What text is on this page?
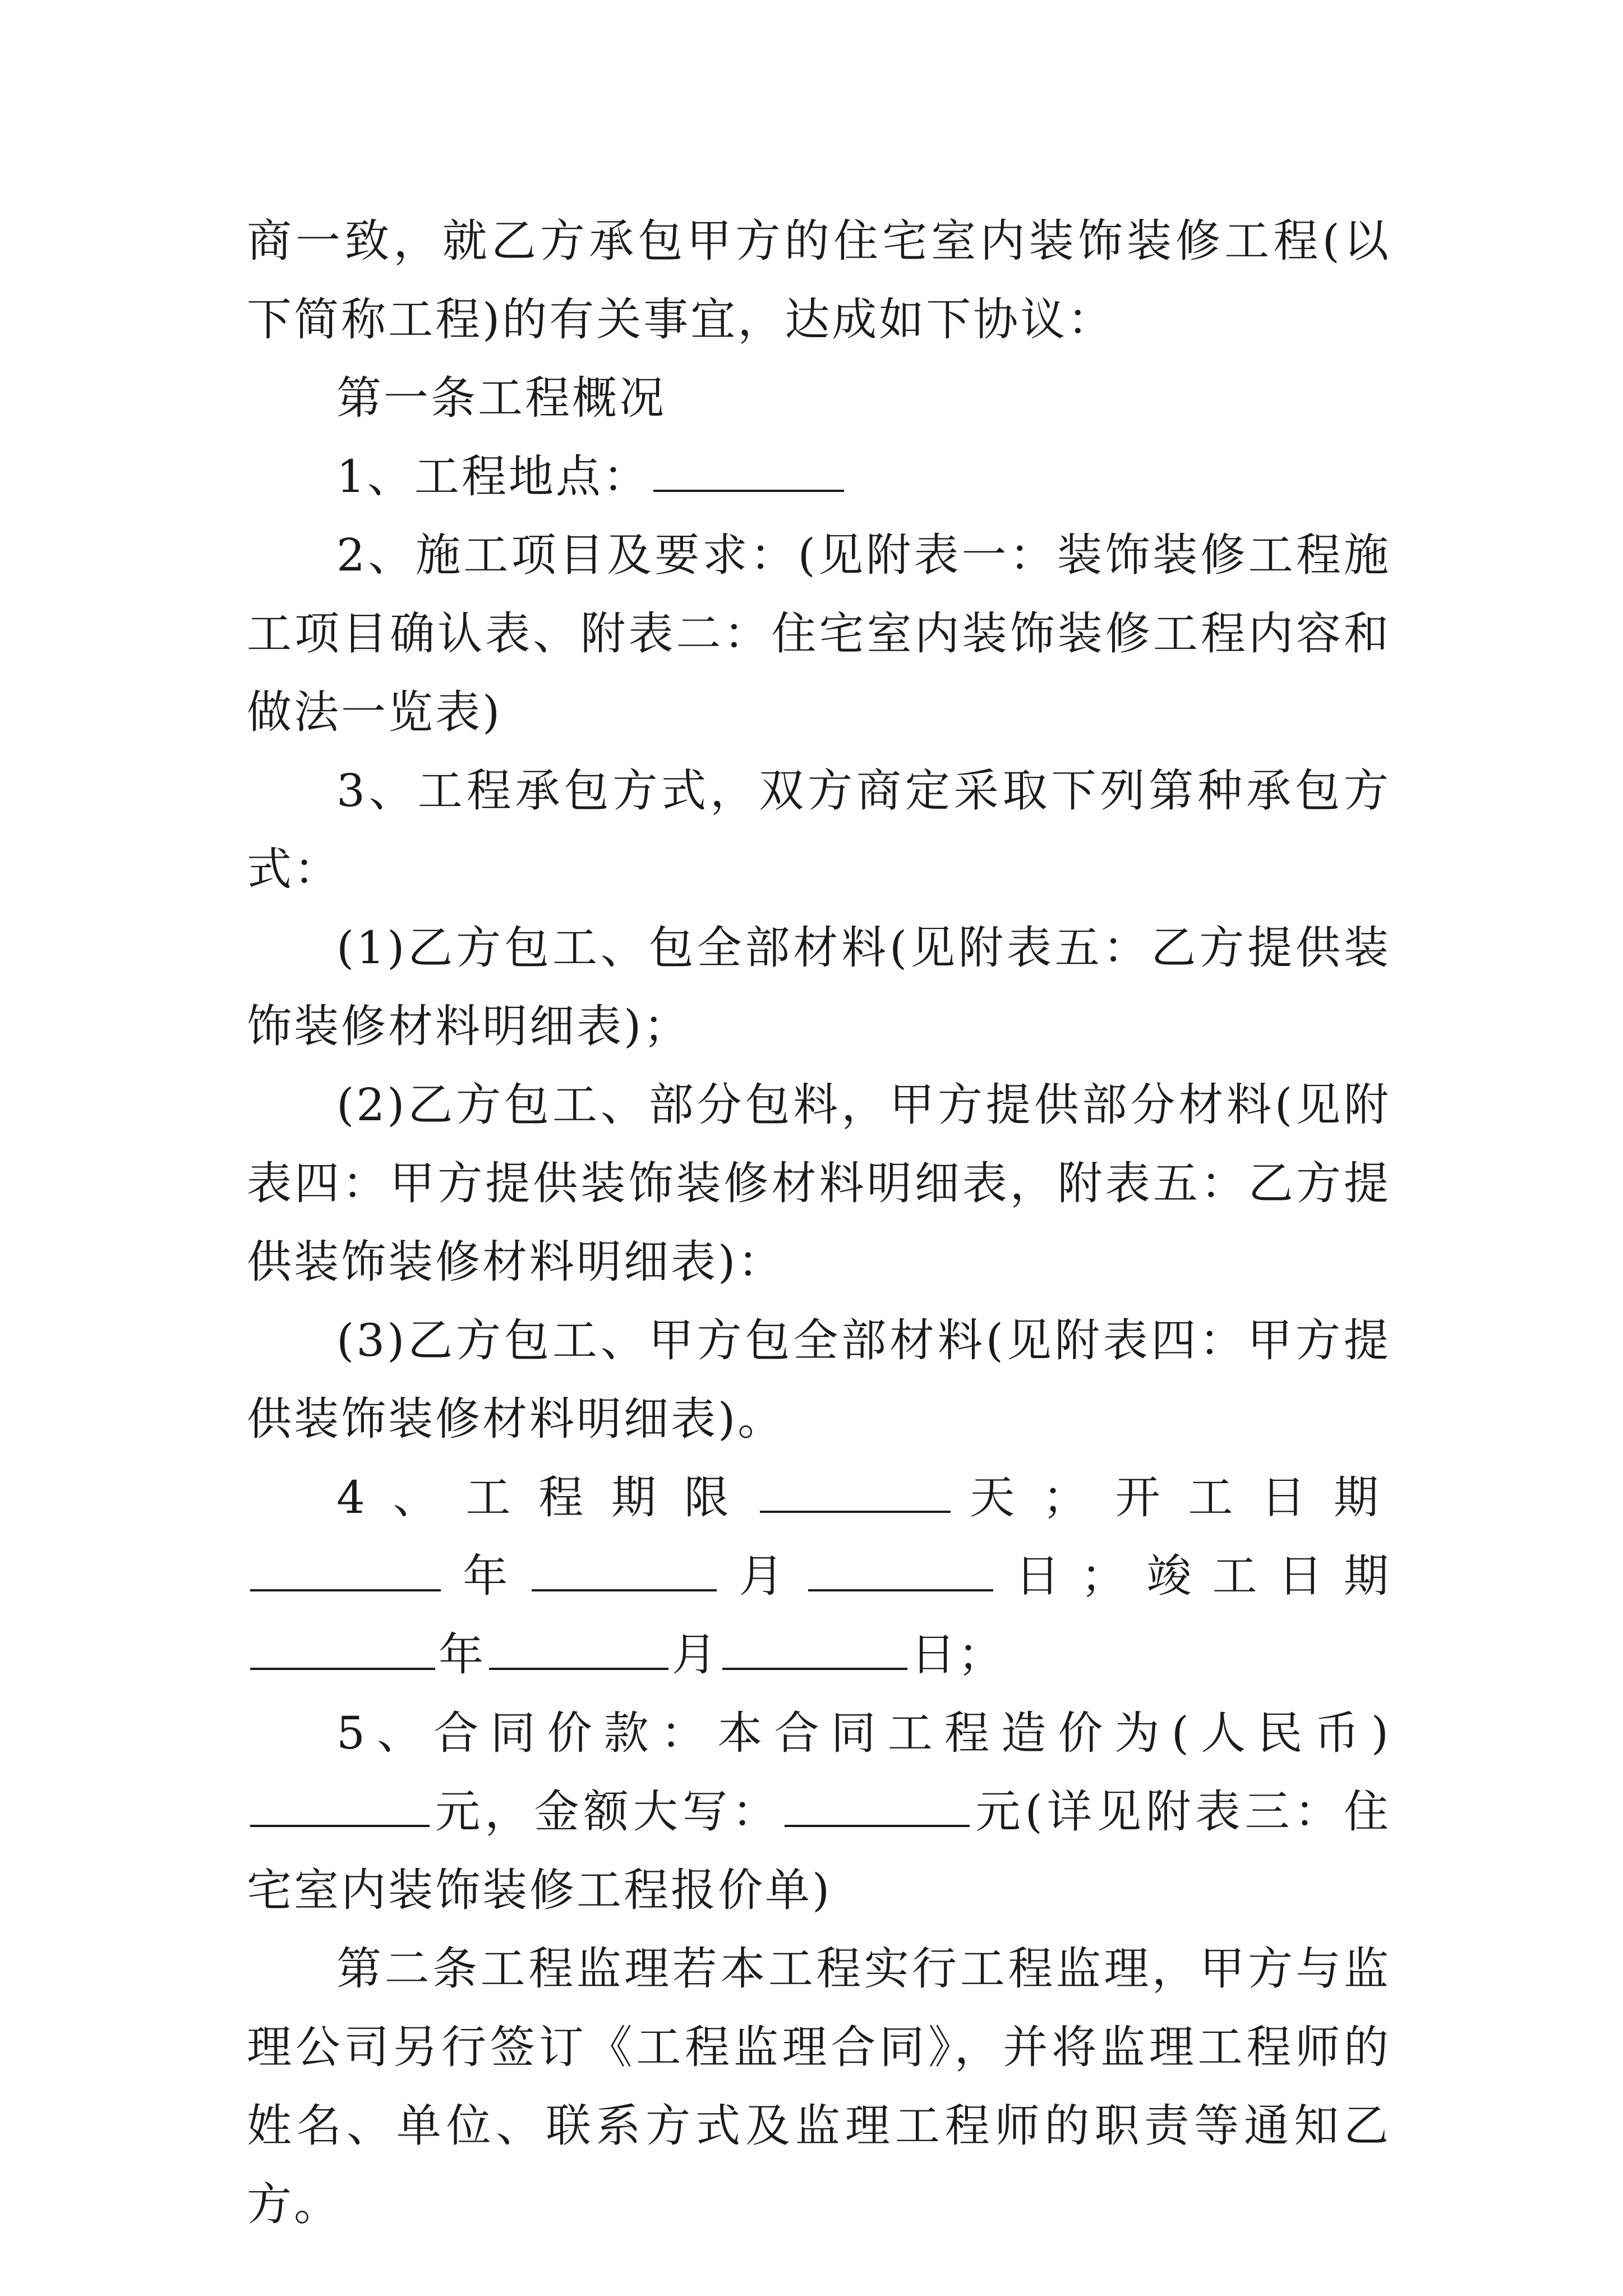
商一致，就乙方承包甲方的住宅室内装饰装修工程(以下简称工程)的有关事宜，达成如下协议：

第一条工程概况

1、工程地点：

2、施工项目及要求：(见附表一：装饰装修工程施工项目确认表、附表二：住宅室内装饰装修工程内容和做法一览表)

3、工程承包方式，双方商定采取下列第种承包方式：

(1)乙方包工、包全部材料(见附表五：乙方提供装饰装修材料明细表)；

(2)乙方包工、部分包料，甲方提供部分材料(见附表四：甲方提供装饰装修材料明细表，附表五：乙方提供装饰装修材料明细表)：

(3)乙方包工、甲方包全部材料(见附表四：甲方提供装饰装修材料明细表)。

4、工程期限	天；开工日期年	月	日；竣工日期年	月	日；

5、合同价款：本合同工程造价为(人民币)元，金额大写：	元(详见附表三：住宅室内装饰装修工程报价单)

第二条工程监理若本工程实行工程监理，甲方与监理公司另行签订《工程监理合同》，并将监理工程师的姓名、单位、联系方式及监理工程师的职责等通知乙方。
